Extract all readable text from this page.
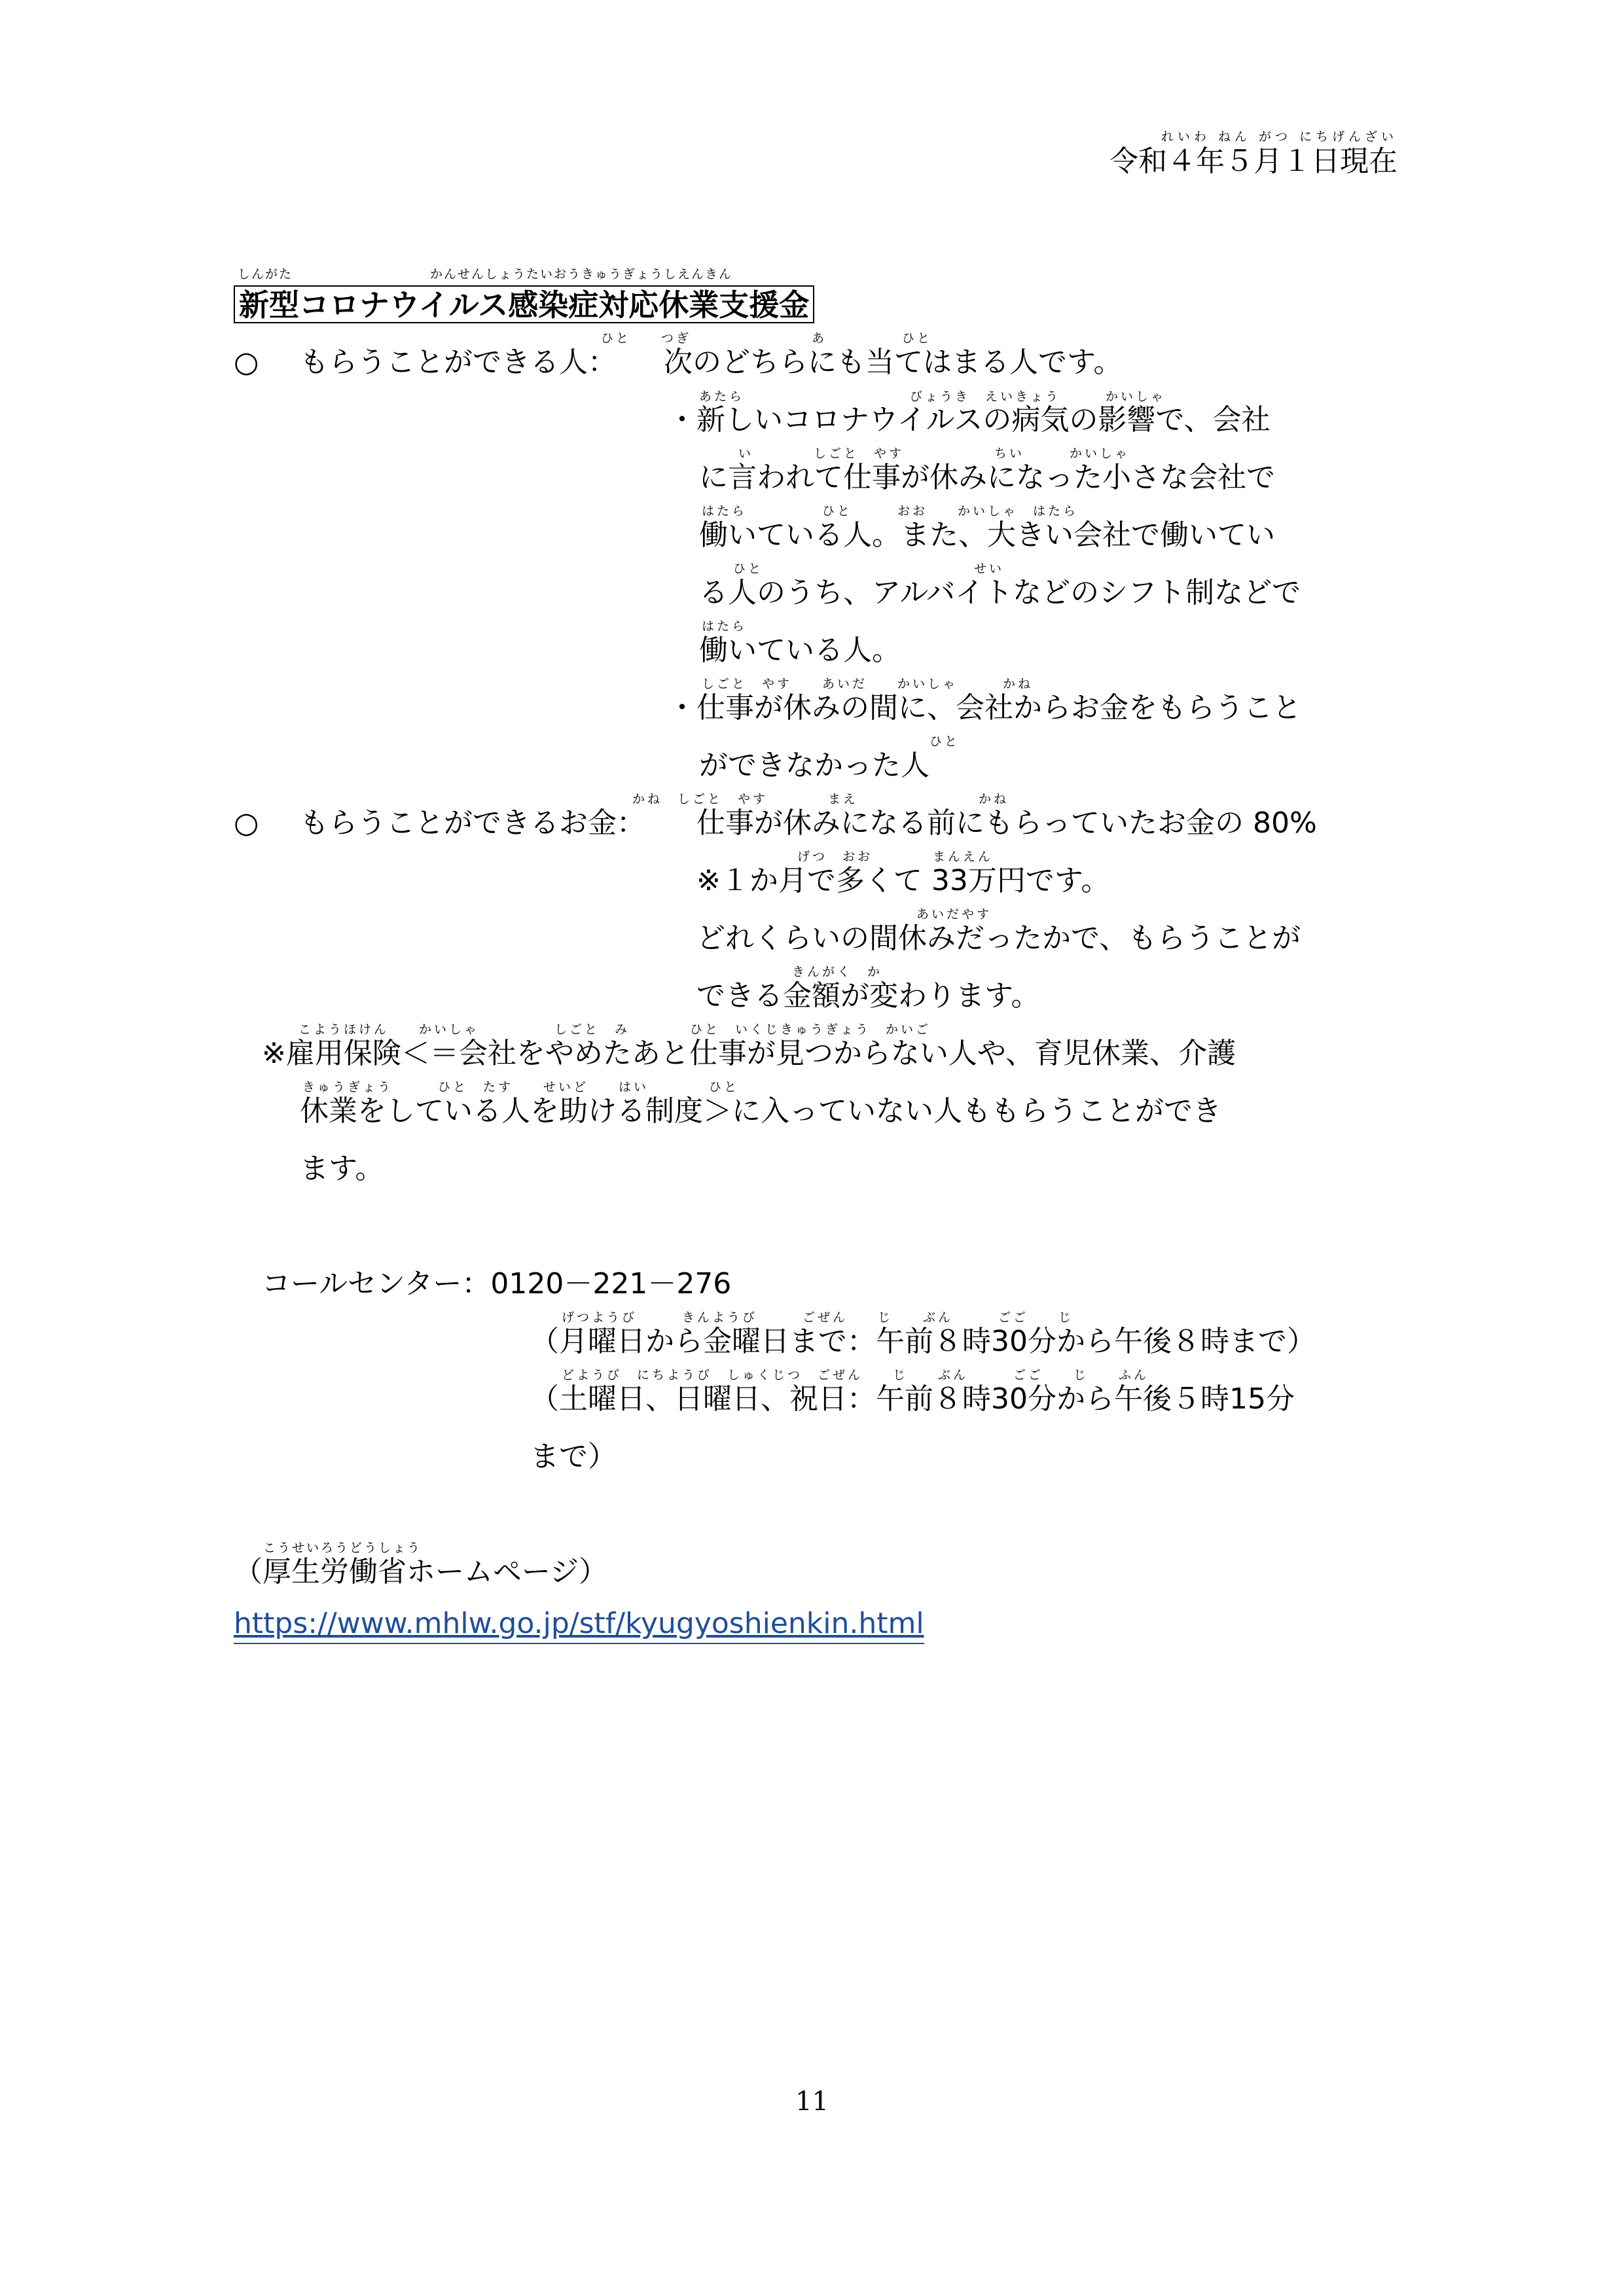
れいわ ねん がつ にちげんざい
令和４年５月１日現在
しんがた　　　　　　　　　　かんせんしょうたいおうきゅうぎょうしえんきん
新型コロナウイルス感染症対応休業支援金
ひと　　つぎ　　　　　　　　あ　　　　　ひと
○ もらうことができる人： 次のどちらにも当てはまる人です。
あたら　　　　　　　　　　　びょうき　えいきょう　　　かいしゃ
・新しいコロナウイルスの病気の影響で、会社
い　　　　しごと　やす　　　　　　ちい　　　かいしゃ
に言われて仕事が休みになった小さな会社で
はたら　　　　　ひと　　　おお　　かいしゃ　はたら
働いている人。また、大きい会社で働いてい
ひと　　　　　　　　　　　　　　せい
る人のうち、アルバイトなどのシフト制などで
はたら
働いている人。
しごと　やす　　あいだ　　かいしゃ　　　かね
・仕事が休みの間に、会社からお金をもらうこと
ひと
ができなかった人
かね　しごと　やす　　　　まえ　　　　　　　　かね
○ もらうことができるお金： 仕事が休みになる前にもらっていたお金の 80%
げつ　おお　　　　まんえん
※１か月で多くて 33万円です。
あいだやす
どれくらいの間休みだったかで、もらうことが
きんがく　か
できる金額が変わります。
こようほけん　　かいしゃ　　　　　しごと　み　　　　ひと　いくじきゅうぎょう　かいご
※雇用保険＜＝会社をやめたあと仕事が見つからない人や、育児休業、介護
きゅうぎょう　　　ひと　たす　　せいど　　はい　　　　ひと
休業をしている人を助ける制度＞に入っていない人ももらうことができ
ます。
コールセンター：0120－221－276
げつようび　　　きんようび　　　ごぜん　　じ　　ぶん　　　ごご　　じ
（月曜日から金曜日まで：午前８時30分から午後８時まで）
どようび　にちようび　しゅくじつ　ごぜん　　じ　　ぶん　　　ごご　　じ　　ふん
（土曜日、日曜日、祝日：午前８時30分から午後５時15分
まで）
こうせいろうどうしょう
（厚生労働省ホームページ）
https://www.mhlw.go.jp/stf/kyugyoshienkin.html
11
